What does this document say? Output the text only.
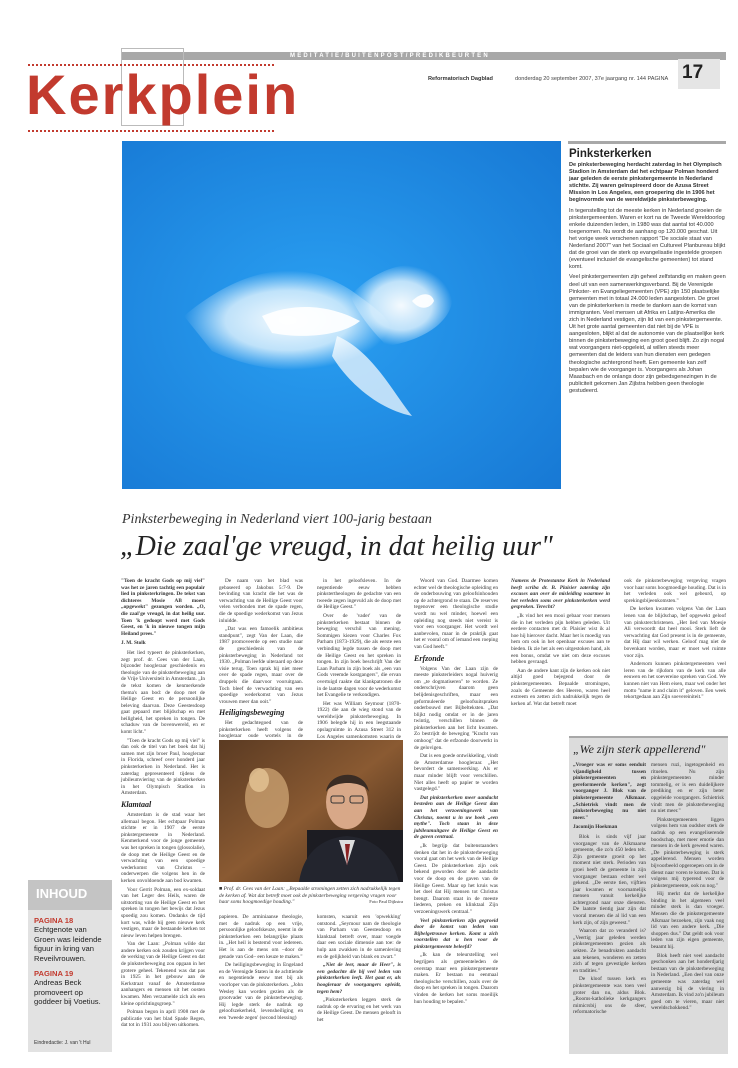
MEDITATIE/BUITENPOST/PREDIKBEURTEN
Kerkplein	Reformatorisch Dagblad	donderdag 20 september 2007, 37e jaargang nr. 144 PAGINA 17
Pinksterkerken

De pinksterbeweging herdacht zaterdag in het Olympisch Stadion in Amsterdam dat het echtpaar Polman honderd jaar geleden de eerste pinkstergemeente in Nederland stichtte. Zij waren geïnspireerd door de Azusa Street Mission in Los Angeles, een groepering die in 1906 het beginvormde van de wereldwijde pinksterbeweging.

In tegenstelling tot de meeste kerken in Nederland groeien de pinkstergemeenten. Waren er kort na de Tweede Wereldoorlog enkele duizenden leden, in 1980 was dat aantal tot 40.000 toegenomen. Nu wordt de aanhang op 120.000 geschat. Uit het vorige week verschenen rapport "De sociale staat van Nederland 2007" van het Sociaal en Cultureel Planbureau blijkt dat de groei van de sterk op evangelisatie ingestelde groepen (eventueel inclusief de evangelische gemeenten) tot stand komt.

Veel pinkstergemeenten zijn geheel zelfstandig en maken geen deel uit van een samenwerkingsverband. Bij de Verenigde Pinkster- en Evangeliegemeenten (VPE) zijn 150 plaatselijke gemeenten met in totaal 24.000 leden aangesloten. De groei van de pinksterkerken is mede te danken aan de komst van immigranten. Veel mensen uit Afrika en Latijns-Amerika die zich in Nederland vestigen, zijn lid van een pinkstergemeente. Uit het grote aantal gemeenten dat niet bij de VPE is aangesloten, blijkt al dat de autonomie van de plaatselijke kerk binnen de pinksterbeweging een groot goed blijft. Zo zijn nogal wat voorgangers niet-opgeleid, al willen steeds meer gemeenten dat de leiders van hun diensten een gedegen theologische achtergrond heeft. Een gemeente kan zelf bepalen wie de voorganger is. Voorgangers als Johan Maasbach en de onlangs door zijn gebedsgenezingen in de publiciteit gekomen Jan Zijlstra hebben geen theologie gestudeerd.

Pinksterbeweging in Nederland viert 100-jarig bestaan
„Die zaal'ge vreugd, in dat heilig uur"

"Toen de kracht Gods op mij viel" was het ze jaren tachtig een populair lied in pinksterkringen. De tekst van dichteres Mosie AB moest „opgewekt" gezongen worden. „O, die zaal'ge vreugd, in dat heilig uur. Toen 'k gedoopt werd met Gods Geest, en 'k in nieuwe tongen mijn Heiland prees."

J. M. Stolk

Het lied typeert de pinksterkerken, zegt prof. dr. Cees van der Laan, bijzonder hoogleraar geschiedenis en theologie van de pinksterbeweging aan de Vrije Universiteit in Amsterdam. „In de tekst komen de kenmerkende thema's aan bod: de doop met de Heilige Geest en de persoonlijke beleving daarvan. Deze Geestesdoop gaat gepaard met blijdschap en met heiligheid, het spreken in tongen. De schaduw van de bovenwereld, en er komt licht."

"Toen de kracht Gods op mij viel" is dan ook de titel van het boek dat hij samen met zijn broer Paul, hoogleraar in Florida, schreef over honderd jaar pinksterkerken in Nederland. Het is zaterdag gepresenteerd tijdens de jubileumviering van de pinksterkerken in het Olympisch Stadion in Amsterdam.

Klamtaal

Amsterdam is de stad waar het allemaal begon. Het echtpaar Polman stichtte er in 1907 de eerste pinkstergemeente in Nederland. Kenmerkend voor de jonge gemeente was het spreken in tongen (glossolalie), de doop met de Heilige Geest en de verwachting van een spoedige wederkomst van Christus – onderwerpen die volgens hen in de kerken onvoldoende aan bod kwamen.

Voor Gerrit Polman, een ex-soldaat van het Leger des Heils, waren de uitstorting van de Heilige Geest en het spreken in tongen het bewijs dat Jezus spoedig zou komen. Ondanks de tijd kort was, wilde hij geen nieuwe kerk vestigen, maar de bestaande kerken tot nieuw leven helpen brengen.

Van der Laan: „Polman wilde dat andere kerken ook zouden krijgen voor de werking van de Heilige Geest en dat de pinksterbeweging zou opgaan in het grotere geheel. Tekenend was dat pas in 1925 in het gebouw aan de Kerkstraat vanaf de Amsterdamse aanhangers en mensen uit het oosten kwamen. Men verzamelde zich als een kleine oprichtingsgroep."

Polman begon in april 1908 met de publicatie van het blad Spade Regen, dat tot in 1931 zou blijven uitkomen.

De naam van het blad was gebaseerd op Jakobus 5:7-9. De bevinding van kracht die het was de verwachting van de Heilige Geest voor velen verbonden met de spade regen, die de spoedige wederkomst van Jezus inluidde.

„Dat was een famoelik ambitieus standpunt", zegt Van der Laan, die 1987 promoveerde op een studie naar de geschiedenis van de pinksterbeweging in Nederland tot 1930. „Polman leefde uiteraard op deze visie terug. Toen sprak hij niet meer over de spade regen, maar over de druppels die daarvoor vooruitgaan. Toch bleef de verwachting van een spoedige wederkomst van Jezus vrouwen meer dan ooit."

Heiligingsbeweging

Het gedachtegoed van de pinksterkerken heeft volgens de hoogleraar oude wortels in de

in het geloofsleven. In de negentiende eeuw hebben pinkstertheologen de gedachte van een tweede zegen ingevuld als de doop met de Heilige Geest."

Over de 'vader' van de pinksterkerken bestaat binnen de beweging verschil van mening. Sommigen kiezen voor Charles Fox Parham (1873-1929), die als eerste een verbinding legde tussen de doop met de Heilige Geest en het spreken in tongen. In zijn boek beschrijft Van der Laan Parham in zijn boek als „een van Gods vreemde kostgangers", die ervan overtuigd raakte dat klankpatronen die in de laatste dagen voor de wederkomst het Evangelie te verkondigen.

Het was William Seymour (1870-1922) die aan de wieg stond van de wereldwijde pinksterbeweging. In 1906 belegde hij in een leegstaande opslagruimte in Azusa Street 312 in Los Angeles samenkomsten waarin de

Woord van God. Daarmee komen echter wel de theologische opleiding en de onderbouwing van geloofsinhouden op de achtergrond te staan. De reserves tegenover een theologische studie wordt nu wel minder, hoewel een opleiding nog steeds niet vereist is voor een voorganger. Het wordt wel aanbevolen, maar in de praktijk gaat het er vooral om of iemand een roeping van God heeft."

Erfzonde

Volgens Van der Laan zijn de meeste pinksterleiders nogal huiverig om „te dogmatiseren" te worden. Ze onderschrijven daarom geen belijdenisgeschriften, maar een geformuleerde geloofsuitspraken onderbouwd met Bijbelteksten. „Dat blijkt nodig omdat er in de jaren twintig, verschillen binnen de pinksterkerken aan het licht kwamen. Zo bestrijdt de beweging "Kracht van omhoog" dat de erfzonde doorwerkt in de gelovigen.

Dat is een goede ontwikkeling, vindt de Amsterdamse hoogleraar. „Het bevordert de samenwerking. Als er maar minder blijft voor verschillen. Niet alles heeft op papier te worden vastgelegd."

Dat pinksterkerken meer aandacht besteden aan de Heilige Geest dan aan het verzoeningswerk van Christus, noemt u in uw boek „een mythe". Toch staan in deze jubileumuitgave de Heilige Geest en de gaven centraal.

„Ik begrijp dat buitenstaanders denken dat het in de pinksterbeweging vooral gaat om het werk van de Heilige Geest. De pinksterkerken zijn ook bekend geworden door de aandacht voor de doop en de gaven van de Heilige Geest. Maar op het kruis was het doel dat Hij mensen tot Christus brengt. Daarom staat in de meeste liederen, preken en klinktaal Zijn verzoeningswerk centraal."

Veel pinksterkerken zijn gegroeid door de komst van leden van Bijbelgetrouwe kerken. Komt u zich voorstellen dat u hen voor de pinkstergemeente beleefd?

„Ik kan de teleurstelling wel begrijpen als gemeenteleden de overstap maar een pinkstergemeente maken. Er bestaan nu eenmaal theologische verschillen, zoals over de doop en het spreken in tongen. Daarom vinden de kerken het soms moeilijk hun houding te bepalen."

Namens de Protestantse Kerk in Nederland heeft scriba dr. B. Plaisier zaterdag zijn excuses aan over de misleiding waarmee in het verleden soms over pinksterkerken werd gesproken. Terecht?

„Ik vind het een mooi gebaar voor mensen die in het verleden pijn hebben geleden. Uit eerdere contacten met dr. Plaisier wist ik al hoe hij hierover dacht. Maar het is moedig van hem om ook in het openbaar excuses aan te bieden. Ik zie het als een uitgestoken hand, als een bonus, omdat we niet om deze excuses hebben gevraagd.

Aan de andere kant zijn de kerken ook niet altijd goed bejegend door de pinkstergemeenten. Bepaalde stromingen, zoals de Gemeente des Heeren, waren heel extreem en zetten zich nadrukkelijk tegen de kerken af. Wat dat betreft moet

ook de pinksterbeweging vergeving vragen voor haar soms hoogmoedige houding. Dat is in het verleden ook wel gebeurd, op sprekingsbijeenkomsten."

De kerken kwamen volgens Van der Laan lenen van de blijdschap, bef opgewekt geloof van pinksterchristenen. „Het lied van Moesje Ali verwoordt dat heel mooi. Sterk lieft de verwachting dat God present is in de gemeente, dat Hij daar wil werken. Geloof mag niet de bovenkant worden, maar er moet wel ruimte voor zijn.

Andersom kunnen pinkstergemeenten veel leren van de rijkdom van de kerk van alle eeuwen en het soevereine spreken van God. We kunnen niet van Hem eisen, maar wel onder het motto "name it and claim it" geloven. Een week tekortgedaan aan Zijn soevereiniteit."

■ Prof. dr. Cees van der Laan: „Bepaalde stromingen zetten zich nadrukkelijk tegen de kerken af. Wat dat betreft moet ook de pinksterbeweging vergeving vragen voor haar soms hoogmoedige houding."	Foto Paul Dijkstra

papieren. De arminiaanse theologie, met de nadruk op een vrije, persoonlijke geloofskeuze, neemt in de pinksterkerken een belangrijke plaats in. „Het heil is bestemd voor iedereen. Het is aan de mens om –door de genade van God– een keuze te maken."

De heiligingsbeweging in Engeland en de Verenigde Staten in de achttiende en negentiende eeuw met bij als voorloper van de pinksterkerken. „John Wesley kan worden gezien als de grootvader van de pinksterbeweging. Hij legde sterk de nadruk op geloofszekerheid, levensheiliging en een 'tweede zegen' (second blessing)

komsten, waaruit een 'opwekking' ontstond. „Seymour nam de theologie van Parham van Geestesdoop en klanktaal betreft over, maar voegde daar een sociale dimensie aan toe: de hulp aan zwakken in de samenleving en de gelijkheid van blank en zwart."

„Niet de leer, maar de Heer", is een gedachte die bij veel leden van pinksterkerken leeft. Het gaat er, als hoogleraar de voorgangers opleidt, tegen hem?

„Pinksterkerken leggen sterk de nadruk op de ervaring en het werk van de Heilige Geest. De mensen gelooft in het

„We zijn sterk appellerend"

„Vroeger was er soms eenduit vijandigheid tussen pinkstergemeenten en gereformeerde kerken", zegt voorganger J. Blok van de pinkstergemeente Alkmaar. „Schietrisk vindt men de pinksterbeweging nu niet meer."

Jacomijn Hoekman

Blok is sinds vijf jaar voorganger van de Alkmaarse gemeente, die zo'n 450 leden telt. Zijn gemeente groeit op het moment niet sterk. Perioden van groei heeft de gemeente in zijn voorganger bestaan echter wel gekend. „De eerste tien, vijftien jaar kwamen er voornamelijk mensen vanuit kerkelijke achtergrond naar onze diensten. De laatste tientig jaar zijn dat vooral mensen die al lid van een kerk zijn, of zijn geweest."

Waarom dat zo veranderd is? „Veertig jaar geleden werden pinkstergemeenten gezien als sekten. Ze benadrukten aandacht aan tekenen, wonderen en zetten zich af tegen gevestigde kerken en tradities."

De kloof tussen kerk en pinkstergemeente was toen veel groter dan nu, aldus Blok. „Rooms-katholieke kerkgangers mimicrsbij ons de sfeer, reformatorische

mensen ruzi, ingetogenheid en rituelen. Nu zijn pinkstergemeenten minder tommelig, er is een duidelijkere prediking en er zijn beter opgeleide voorgangers. Schietrisk vindt men de pinksterbeweging nu niet meer."

Pinkstergemeenten liggen volgens hem van oudsher sterk de nadruk op een evangeliserende boodschap, met meer emotie dan mensen in de kerk gewend waren. „De pinksterbeweging is sterk appellerend. Mensen worden bijvoorbeeld opgeroepen om in de dienst naar voren te komen. Dat is volgens mij typerend voor de pinkstergemeente, ook nu nog."

Hij merkt dat de kerkelijke binding in het algemeen veel minder sterk is dan vroeger. Mensen die de pinkstergemeente Alkmaar bezoeken, zijn vaak nog lid van een andere kerk. „Die shoppen dus." Dat geldt ook voor leden van zijn eigen gemeente, beaamt hij.

Blok heeft niet veel aandacht geschonken aan het honderdjarig bestaan van de pinksterbeweging in Nederland. „Een deel van onze gemeente was zaterdag wel aanwezig bij de viering in Amsterdam. Ik vind zo'n jubileum goed om te vieren, maar niet wereldschokkend."

INHOUD
PAGINA 18
Echtgenote van Groen was leidende figuur in kring van Reveilvrouwen.
PAGINA 19
Andreas Beck promoveert op goddeer bij Voetius.
Eindredactie: J. van 't Hul
